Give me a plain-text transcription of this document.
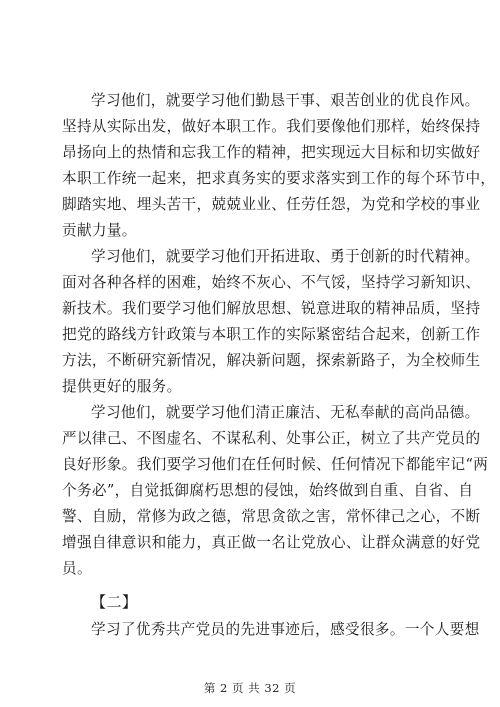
学习他们，就要学习他们勤恳干事、艰苦创业的优良作风。
坚持从实际出发，做好本职工作。我们要像他们那样，始终保持
昂扬向上的热情和忘我工作的精神，把实现远大目标和切实做好
本职工作统一起来，把求真务实的要求落实到工作的每个环节中，
脚踏实地、埋头苦干，兢兢业业、任劳任怨，为党和学校的事业
贡献力量。
学习他们，就要学习他们开拓进取、勇于创新的时代精神。
面对各种各样的困难，始终不灰心、不气馁，坚持学习新知识、
新技术。我们要学习他们解放思想、锐意进取的精神品质，坚持
把党的路线方针政策与本职工作的实际紧密结合起来，创新工作
方法，不断研究新情况，解决新问题，探索新路子，为全校师生
提供更好的服务。
学习他们，就要学习他们清正廉洁、无私奉献的高尚品德。
严以律己、不图虚名、不谋私利、处事公正，树立了共产党员的
良好形象。我们要学习他们在任何时候、任何情况下都能牢记“两
个务必”，自觉抵御腐朽思想的侵蚀，始终做到自重、自省、自
警、自励，常修为政之德，常思贪欲之害，常怀律己之心，不断
增强自律意识和能力，真正做一名让党放心、让群众满意的好党
员。
【二】
学习了优秀共产党员的先进事迹后，感受很多。一个人要想
第 2 页 共 32 页
